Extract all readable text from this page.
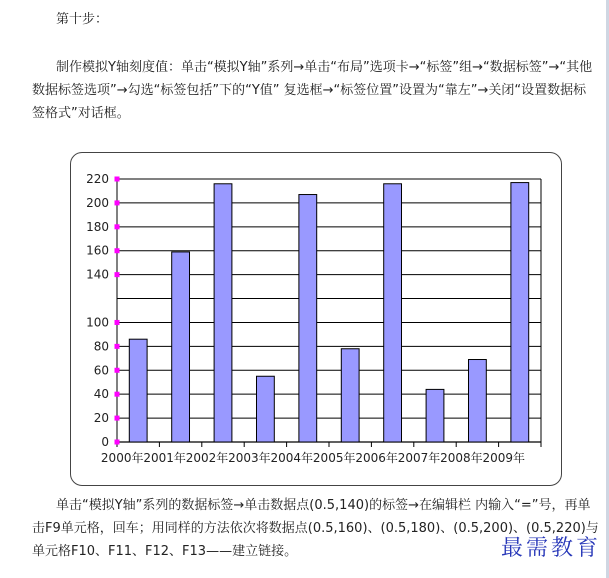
第十步：

制作模拟Y轴刻度值：单击“模拟Y轴”系列→单击“布局”选项卡→“标签”组→“数据标签”→“其他数据标签选项”→勾选“标签包括”下的“Y值” 复选框→“标签位置”设置为“靠左”→关闭“设置数据标签格式”对话框。

2000年 2001年 2002年 2003年 2004年 2005年 2006年 2007年 2008年 2009年
0
20
40
60
80
100
140
160
180
200
220

单击“模拟Y轴”系列的数据标签→单击数据点(0.5,140)的标签→在编辑栏 内输入“=”号，再单击F9单元格，回车；用同样的方法依次将数据点(0.5,160)、(0.5,180)、(0.5,200)、(0.5,220)与 单元格F10、F11、F12、F13——建立链接。	最需教育
